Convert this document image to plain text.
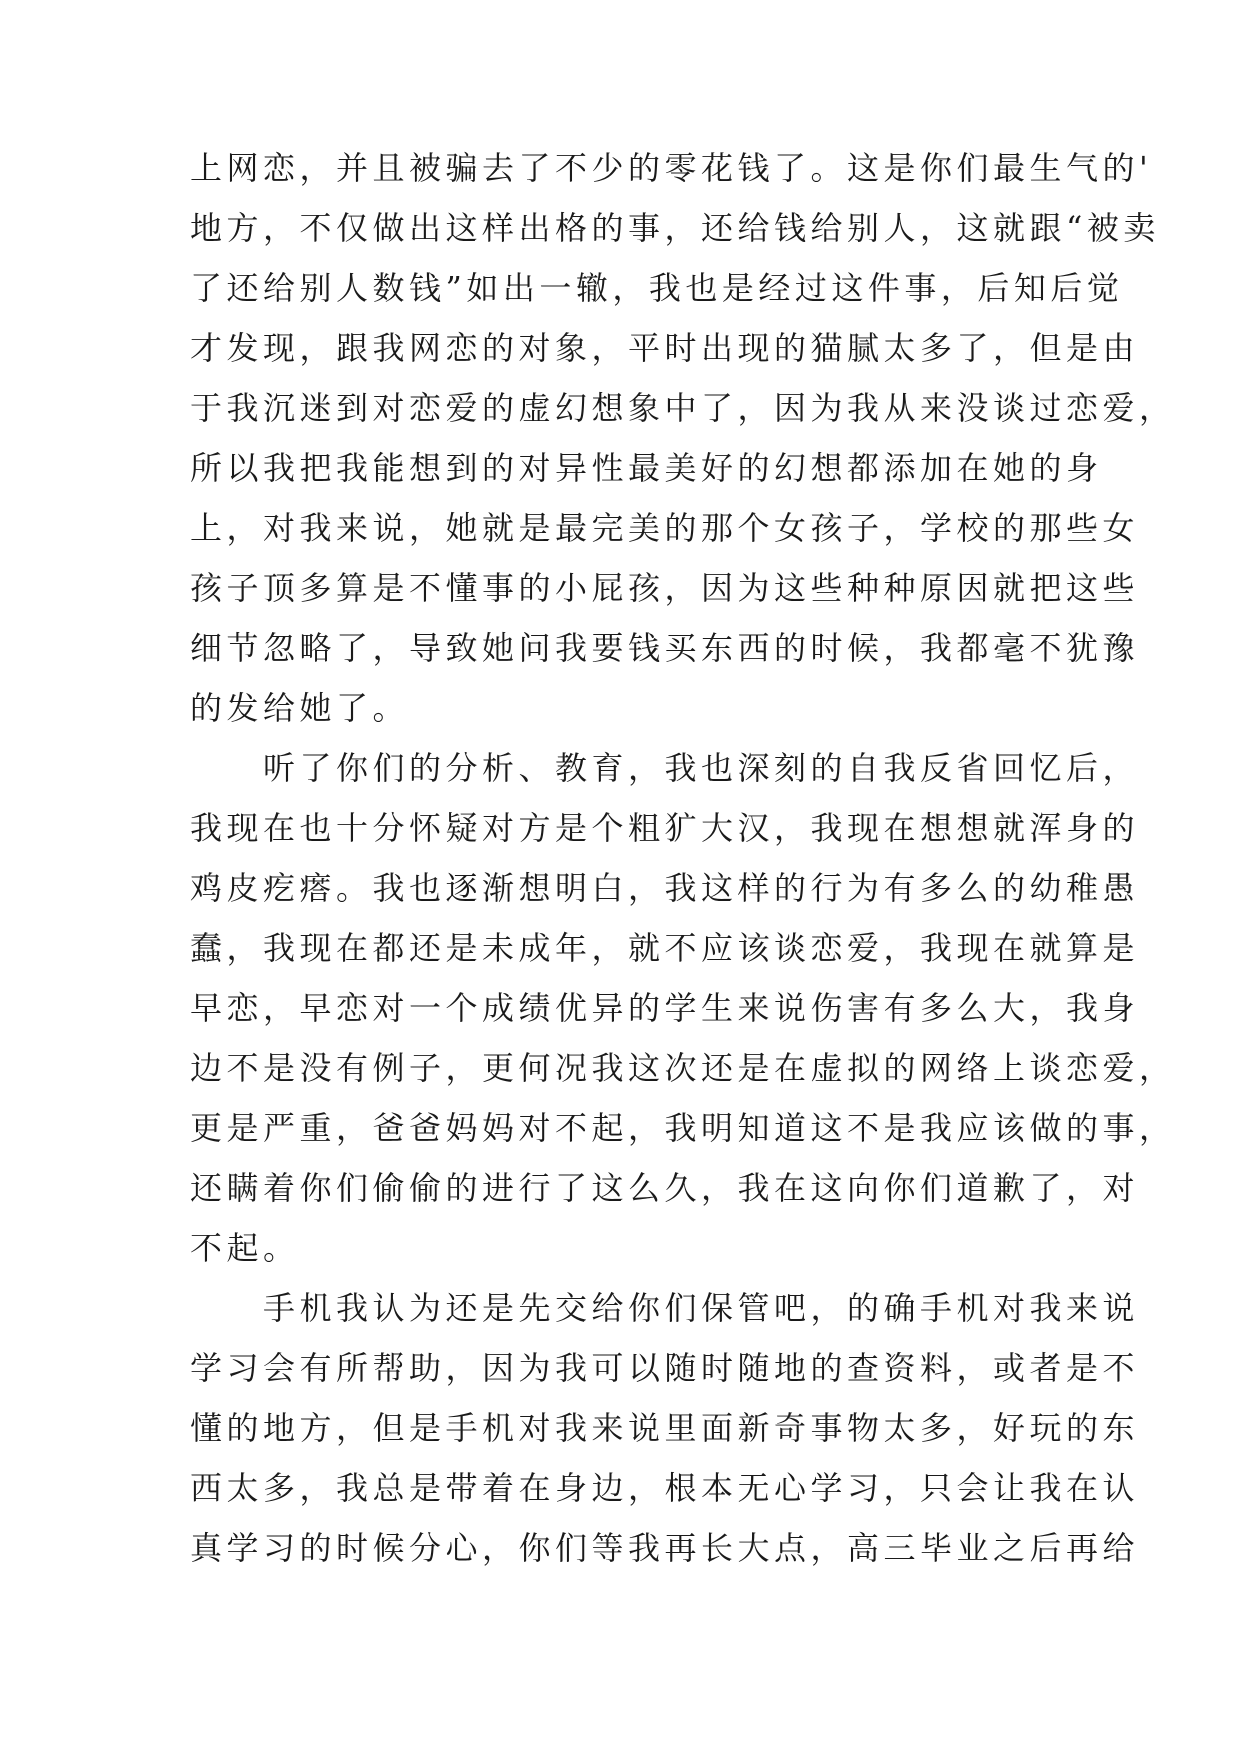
上网恋，并且被骗去了不少的零花钱了。这是你们最生气的'
地方，不仅做出这样出格的事，还给钱给别人，这就跟“被卖
了还给别人数钱”如出一辙，我也是经过这件事，后知后觉
才发现，跟我网恋的对象，平时出现的猫腻太多了，但是由
于我沉迷到对恋爱的虚幻想象中了，因为我从来没谈过恋爱，
所以我把我能想到的对异性最美好的幻想都添加在她的身
上，对我来说，她就是最完美的那个女孩子，学校的那些女
孩子顶多算是不懂事的小屁孩，因为这些种种原因就把这些
细节忽略了，导致她问我要钱买东西的时候，我都毫不犹豫
的发给她了。
　　听了你们的分析、教育，我也深刻的自我反省回忆后，
我现在也十分怀疑对方是个粗犷大汉，我现在想想就浑身的
鸡皮疙瘩。我也逐渐想明白，我这样的行为有多么的幼稚愚
蠢，我现在都还是未成年，就不应该谈恋爱，我现在就算是
早恋，早恋对一个成绩优异的学生来说伤害有多么大，我身
边不是没有例子，更何况我这次还是在虚拟的网络上谈恋爱，
更是严重，爸爸妈妈对不起，我明知道这不是我应该做的事，
还瞒着你们偷偷的进行了这么久，我在这向你们道歉了，对
不起。
　　手机我认为还是先交给你们保管吧，的确手机对我来说
学习会有所帮助，因为我可以随时随地的查资料，或者是不
懂的地方，但是手机对我来说里面新奇事物太多，好玩的东
西太多，我总是带着在身边，根本无心学习，只会让我在认
真学习的时候分心，你们等我再长大点，高三毕业之后再给
